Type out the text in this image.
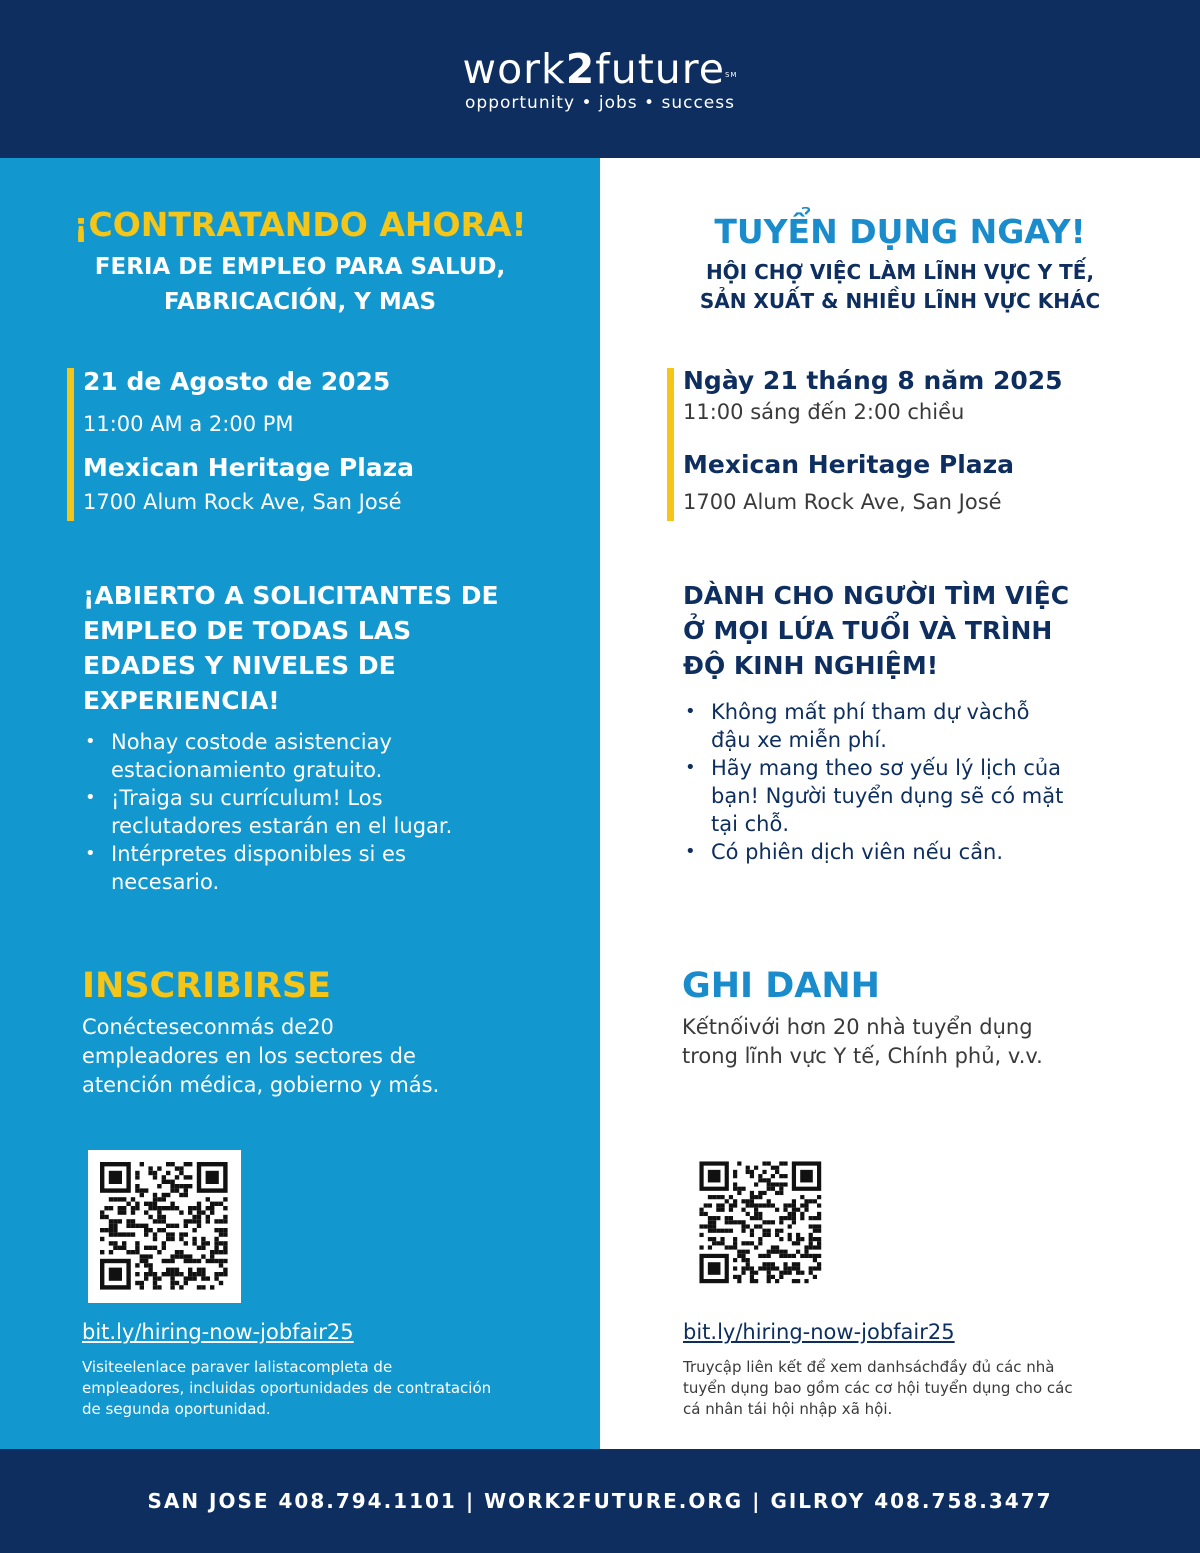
work2future℠
opportunity • jobs • success
¡CONTRATANDO AHORA!
FERIA DE EMPLEO PARA SALUD,
FABRICACIÓN, Y MAS
21 de Agosto de 2025
11:00 AM a 2:00 PM
Mexican Heritage Plaza
1700 Alum Rock Ave, San José
¡ABIERTO A SOLICITANTES DE
EMPLEO DE TODAS LAS
EDADES Y NIVELES DE
EXPERIENCIA!
• Nohay costode asistenciay
estacionamiento gratuito.
• ¡Traiga su currículum! Los
reclutadores estarán en el lugar.
• Intérpretes disponibles si es
necesario.
INSCRIBIRSE
Conécteseconmás de20
empleadores en los sectores de
atención médica, gobierno y más.
bit.ly/hiring-now-jobfair25
Visiteelenlace paraver lalistacompleta de
empleadores, incluidas oportunidades de contratación
de segunda oportunidad.
TUYỂN DỤNG NGAY!
HỘI CHỢ VIỆC LÀM LĨNH VỰC Y TẾ,
SẢN XUẤT & NHIỀU LĨNH VỰC KHÁC
Ngày 21 tháng 8 năm 2025
11:00 sáng đến 2:00 chiều
Mexican Heritage Plaza
1700 Alum Rock Ave, San José
DÀNH CHO NGƯỜI TÌM VIỆC
Ở MỌI LỨA TUỔI VÀ TRÌNH
ĐỘ KINH NGHIỆM!
• Không mất phí tham dự vàchỗ
đậu xe miễn phí.
• Hãy mang theo sơ yếu lý lịch của
bạn! Người tuyển dụng sẽ có mặt
tại chỗ.
• Có phiên dịch viên nếu cần.
GHI DANH
Kếtnốivới hơn 20 nhà tuyển dụng
trong lĩnh vực Y tế, Chính phủ, v.v.
bit.ly/hiring-now-jobfair25
Truycập liên kết để xem danhsáchđầy đủ các nhà
tuyển dụng bao gồm các cơ hội tuyển dụng cho các
cá nhân tái hội nhập xã hội.
SAN JOSE 408.794.1101 | WORK2FUTURE.ORG | GILROY 408.758.3477
